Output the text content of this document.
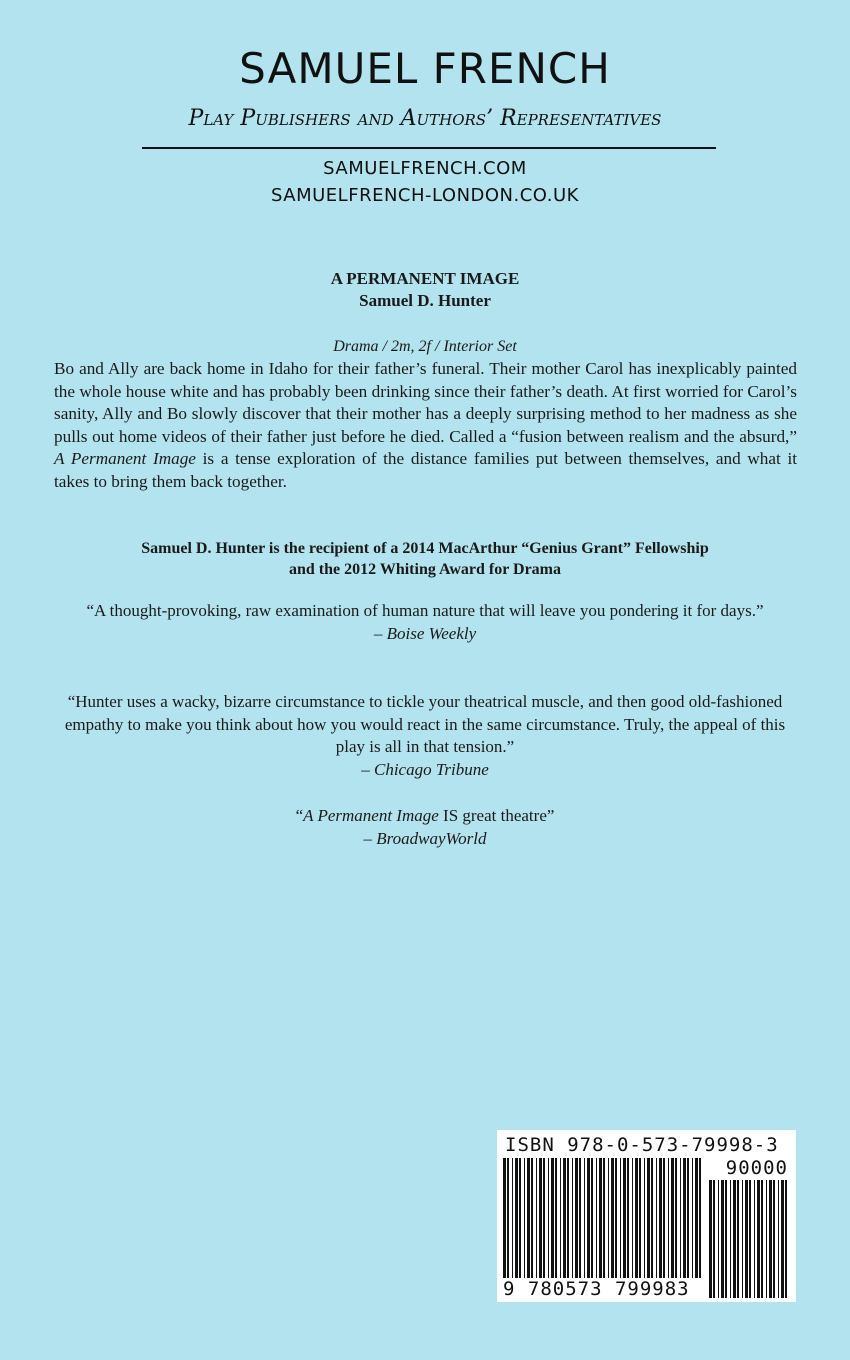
SAMUEL FRENCH
Play Publishers and Authors’ Representatives
SAMUELFRENCH.COM
SAMUELFRENCH-LONDON.CO.UK
A PERMANENT IMAGE
Samuel D. Hunter
Drama / 2m, 2f / Interior Set

Bo and Ally are back home in Idaho for their father’s funeral. Their mother Carol has inexplicably painted the whole house white and has probably been drinking since their father’s death. At first worried for Carol’s sanity, Ally and Bo slowly discover that their mother has a deeply surprising method to her madness as she pulls out home videos of their father just before he died. Called a “fusion between realism and the absurd,” A Permanent Image is a tense exploration of the distance families put between themselves, and what it takes to bring them back together.

Samuel D. Hunter is the recipient of a 2014 MacArthur “Genius Grant” Fellowship
and the 2012 Whiting Award for Drama
“A thought-provoking, raw examination of human nature that will leave you pondering it for days.”
– Boise Weekly
“Hunter uses a wacky, bizarre circumstance to tickle your theatrical muscle, and then good old-fashioned empathy to make you think about how you would react in the same circumstance. Truly, the appeal of this play is all in that tension.”
– Chicago Tribune
“A Permanent Image IS great theatre”
– BroadwayWorld
ISBN 978-0-573-79998-3
90000
9 780573 799983
